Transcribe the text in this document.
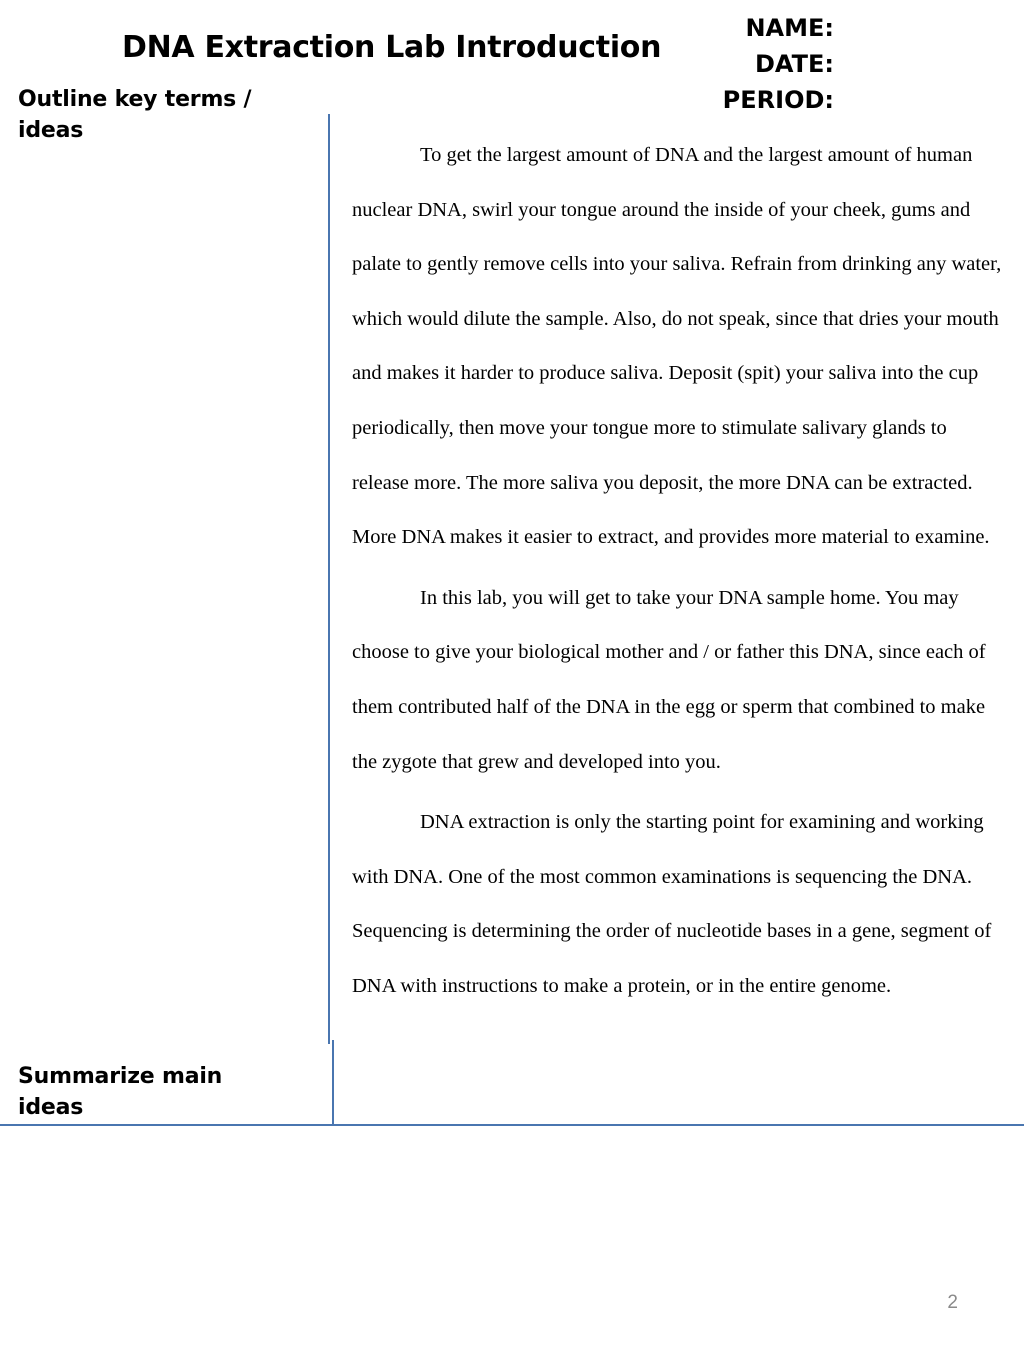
DNA Extraction Lab Introduction
NAME:
DATE:
PERIOD:
Outline key terms / ideas

To get the largest amount of DNA and the largest amount of human nuclear DNA, swirl your tongue around the inside of your cheek, gums and palate to gently remove cells into your saliva. Refrain from drinking any water, which would dilute the sample. Also, do not speak, since that dries your mouth and makes it harder to produce saliva. Deposit (spit) your saliva into the cup periodically, then move your tongue more to stimulate salivary glands to release more. The more saliva you deposit, the more DNA can be extracted. More DNA makes it easier to extract, and provides more material to examine.

In this lab, you will get to take your DNA sample home. You may choose to give your biological mother and / or father this DNA, since each of them contributed half of the DNA in the egg or sperm that combined to make the zygote that grew and developed into you.

DNA extraction is only the starting point for examining and working with DNA. One of the most common examinations is sequencing the DNA. Sequencing is determining the order of nucleotide bases in a gene, segment of DNA with instructions to make a protein, or in the entire genome.

Summarize main ideas
2
